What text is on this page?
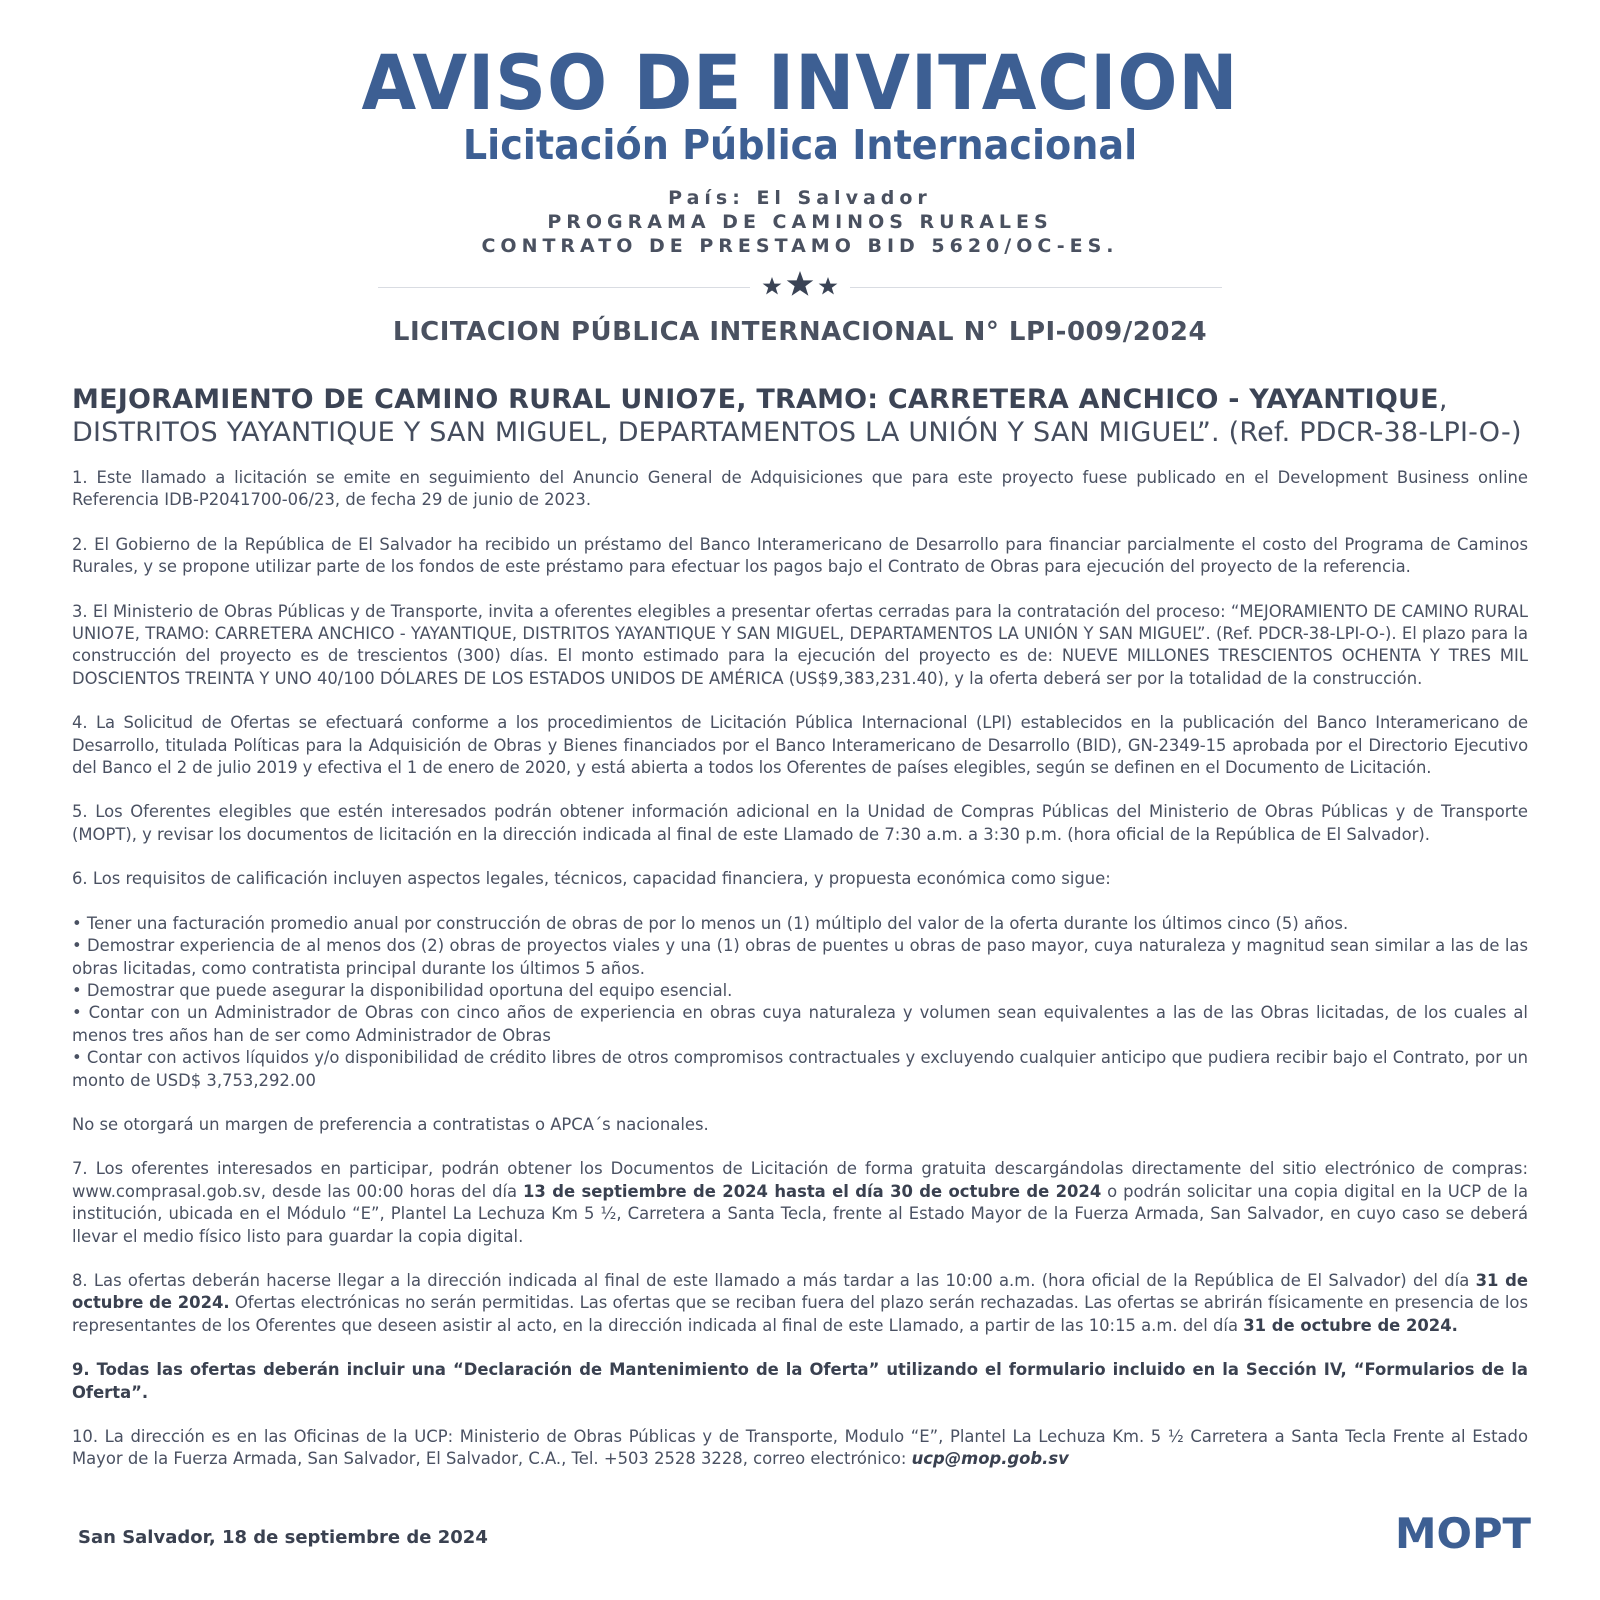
AVISO DE INVITACION
Licitación Pública Internacional
País: El Salvador
PROGRAMA DE CAMINOS RURALES
CONTRATO DE PRESTAMO BID 5620/OC-ES.
LICITACION PÚBLICA INTERNACIONAL N° LPI-009/2024
MEJORAMIENTO DE CAMINO RURAL UNIO7E, TRAMO: CARRETERA ANCHICO - YAYANTIQUE, DISTRITOS YAYANTIQUE Y SAN MIGUEL, DEPARTAMENTOS LA UNIÓN Y SAN MIGUEL”. (Ref. PDCR-38-LPI-O-)

1. Este llamado a licitación se emite en seguimiento del Anuncio General de Adquisiciones que para este proyecto fuese publicado en el Development Business online Referencia IDB-P2041700-06/23, de fecha 29 de junio de 2023.

2. El Gobierno de la República de El Salvador ha recibido un préstamo del Banco Interamericano de Desarrollo para financiar parcialmente el costo del Programa de Caminos Rurales, y se propone utilizar parte de los fondos de este préstamo para efectuar los pagos bajo el Contrato de Obras para ejecución del proyecto de la referencia.

3. El Ministerio de Obras Públicas y de Transporte, invita a oferentes elegibles a presentar ofertas cerradas para la contratación del proceso: “MEJORAMIENTO DE CAMINO RURAL UNIO7E, TRAMO: CARRETERA ANCHICO - YAYANTIQUE, DISTRITOS YAYANTIQUE Y SAN MIGUEL, DEPARTAMENTOS LA UNIÓN Y SAN MIGUEL”. (Ref. PDCR-38-LPI-O-). El plazo para la construcción del proyecto es de trescientos (300) días. El monto estimado para la ejecución del proyecto es de: NUEVE MILLONES TRESCIENTOS OCHENTA Y TRES MIL DOSCIENTOS TREINTA Y UNO 40/100 DÓLARES DE LOS ESTADOS UNIDOS DE AMÉRICA (US$9,383,231.40), y la oferta deberá ser por la totalidad de la construcción.

4. La Solicitud de Ofertas se efectuará conforme a los procedimientos de Licitación Pública Internacional (LPI) establecidos en la publicación del Banco Interamericano de Desarrollo, titulada Políticas para la Adquisición de Obras y Bienes financiados por el Banco Interamericano de Desarrollo (BID), GN-2349-15 aprobada por el Directorio Ejecutivo del Banco el 2 de julio 2019 y efectiva el 1 de enero de 2020, y está abierta a todos los Oferentes de países elegibles, según se definen en el Documento de Licitación.

5. Los Oferentes elegibles que estén interesados podrán obtener información adicional en la Unidad de Compras Públicas del Ministerio de Obras Públicas y de Transporte (MOPT), y revisar los documentos de licitación en la dirección indicada al final de este Llamado de 7:30 a.m. a 3:30 p.m. (hora oficial de la República de El Salvador).

6. Los requisitos de calificación incluyen aspectos legales, técnicos, capacidad financiera, y propuesta económica como sigue:

• Tener una facturación promedio anual por construcción de obras de por lo menos un (1) múltiplo del valor de la oferta durante los últimos cinco (5) años.

• Demostrar experiencia de al menos dos (2) obras de proyectos viales y una (1) obras de puentes u obras de paso mayor, cuya naturaleza y magnitud sean similar a las de las obras licitadas, como contratista principal durante los últimos 5 años.

• Demostrar que puede asegurar la disponibilidad oportuna del equipo esencial.

• Contar con un Administrador de Obras con cinco años de experiencia en obras cuya naturaleza y volumen sean equivalentes a las de las Obras licitadas, de los cuales al menos tres años han de ser como Administrador de Obras

• Contar con activos líquidos y/o disponibilidad de crédito libres de otros compromisos contractuales y excluyendo cualquier anticipo que pudiera recibir bajo el Contrato, por un monto de USD$ 3,753,292.00

No se otorgará un margen de preferencia a contratistas o APCA´s nacionales.

7. Los oferentes interesados en participar, podrán obtener los Documentos de Licitación de forma gratuita descargándolas directamente del sitio electrónico de compras: www.comprasal.gob.sv, desde las 00:00 horas del día 13 de septiembre de 2024 hasta el día 30 de octubre de 2024 o podrán solicitar una copia digital en la UCP de la institución, ubicada en el Módulo “E”, Plantel La Lechuza Km 5 ½, Carretera a Santa Tecla, frente al Estado Mayor de la Fuerza Armada, San Salvador, en cuyo caso se deberá llevar el medio físico listo para guardar la copia digital.

8. Las ofertas deberán hacerse llegar a la dirección indicada al final de este llamado a más tardar a las 10:00 a.m. (hora oficial de la República de El Salvador) del día 31 de octubre de 2024. Ofertas electrónicas no serán permitidas. Las ofertas que se reciban fuera del plazo serán rechazadas. Las ofertas se abrirán físicamente en presencia de los representantes de los Oferentes que deseen asistir al acto, en la dirección indicada al final de este Llamado, a partir de las 10:15 a.m. del día 31 de octubre de 2024.

9. Todas las ofertas deberán incluir una “Declaración de Mantenimiento de la Oferta” utilizando el formulario incluido en la Sección IV, “Formularios de la Oferta”.

10. La dirección es en las Oficinas de la UCP: Ministerio de Obras Públicas y de Transporte, Modulo “E”, Plantel La Lechuza Km. 5 ½ Carretera a Santa Tecla Frente al Estado Mayor de la Fuerza Armada, San Salvador, El Salvador, C.A., Tel. +503 2528 3228, correo electrónico: ucp@mop.gob.sv

San Salvador, 18 de septiembre de 2024	MOPT
